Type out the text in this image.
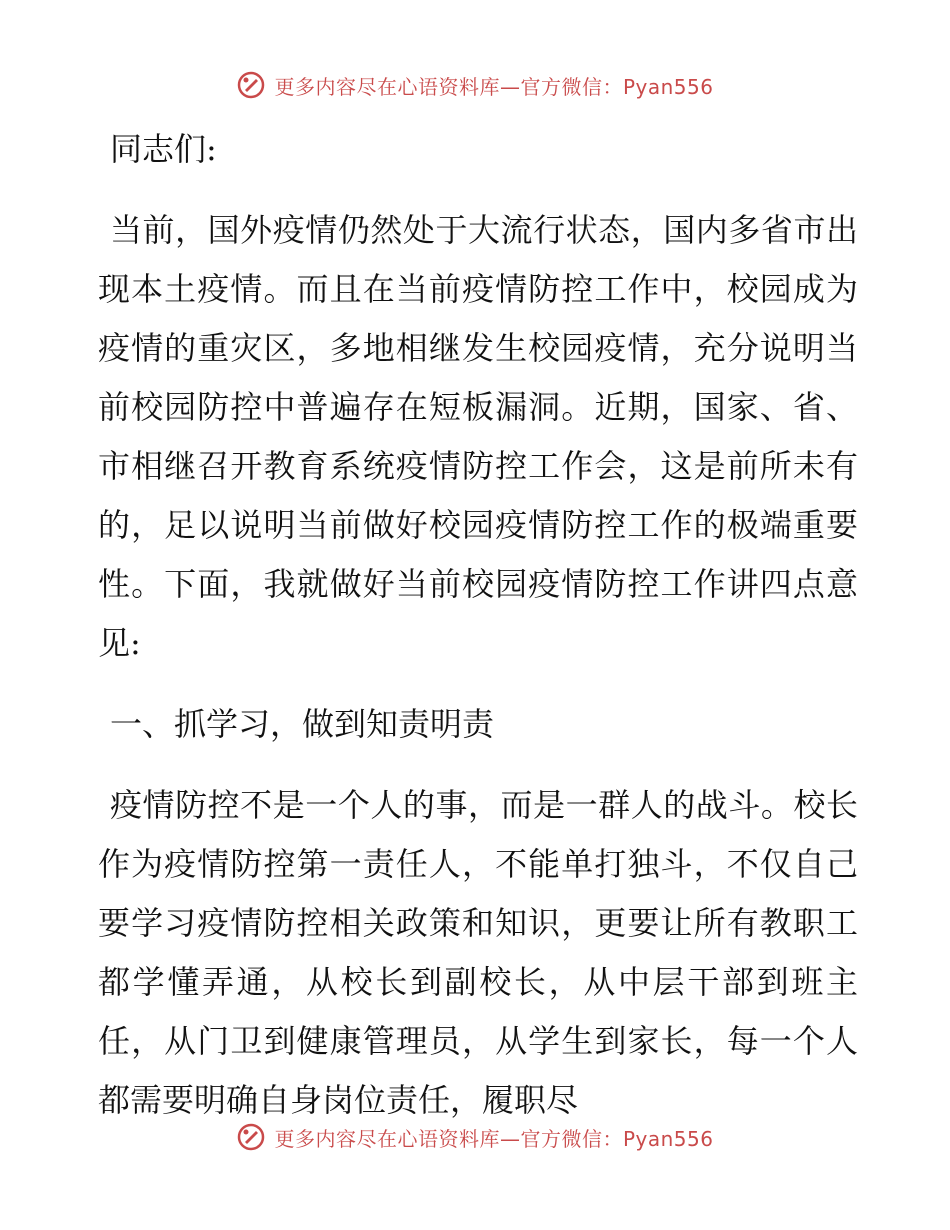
更多内容尽在心语资料库—官方微信：Pyan556

同志们:

当前，国外疫情仍然处于大流行状态，国内多省市出现本土疫情。而且在当前疫情防控工作中，校园成为疫情的重灾区，多地相继发生校园疫情，充分说明当前校园防控中普遍存在短板漏洞。近期，国家、省、市相继召开教育系统疫情防控工作会，这是前所未有的，足以说明当前做好校园疫情防控工作的极端重要性。下面，我就做好当前校园疫情防控工作讲四点意见:

一、抓学习，做到知责明责

疫情防控不是一个人的事，而是一群人的战斗。校长作为疫情防控第一责任人，不能单打独斗，不仅自己要学习疫情防控相关政策和知识，更要让所有教职工都学懂弄通，从校长到副校长，从中层干部到班主任，从门卫到健康管理员，从学生到家长，每一个人都需要明确自身岗位责任，履职尽

更多内容尽在心语资料库—官方微信：Pyan556
